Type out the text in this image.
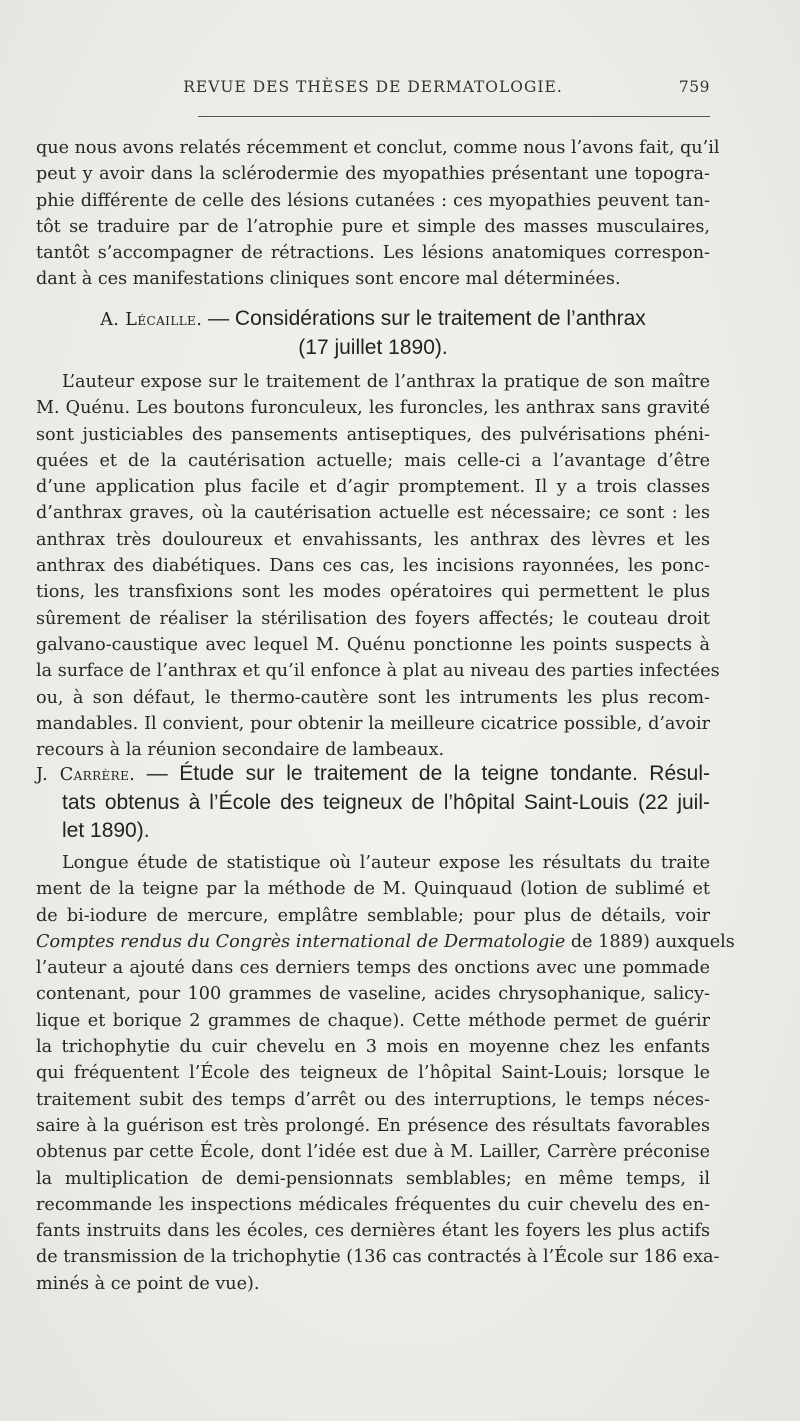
REVUE DES THÈSES DE DERMATOLOGIE.	759
que nous avons relatés récemment et conclut, comme nous l’avons fait, qu’il
peut y avoir dans la sclérodermie des myopathies présentant une topogra-
phie différente de celle des lésions cutanées : ces myopathies peuvent tan-
tôt se traduire par de l’atrophie pure et simple des masses musculaires,
tantôt s’accompagner de rétractions. Les lésions anatomiques correspon-
dant à ces manifestations cliniques sont encore mal déterminées.
A. Lécaille. — Considérations sur le traitement de l’anthrax
(17 juillet 1890).
L’auteur expose sur le traitement de l’anthrax la pratique de son maître
M. Quénu. Les boutons furonculeux, les furoncles, les anthrax sans gravité
sont justiciables des pansements antiseptiques, des pulvérisations phéni-
quées et de la cautérisation actuelle; mais celle-ci a l’avantage d’être
d’une application plus facile et d’agir promptement. Il y a trois classes
d’anthrax graves, où la cautérisation actuelle est nécessaire; ce sont : les
anthrax très douloureux et envahissants, les anthrax des lèvres et les
anthrax des diabétiques. Dans ces cas, les incisions rayonnées, les ponc-
tions, les transfixions sont les modes opératoires qui permettent le plus
sûrement de réaliser la stérilisation des foyers affectés; le couteau droit
galvano-caustique avec lequel M. Quénu ponctionne les points suspects à
la surface de l’anthrax et qu’il enfonce à plat au niveau des parties infectées
ou, à son défaut, le thermo-cautère sont les intruments les plus recom-
mandables. Il convient, pour obtenir la meilleure cicatrice possible, d’avoir
recours à la réunion secondaire de lambeaux.
J. Carrère. — Étude sur le traitement de la teigne tondante. Résul-
tats obtenus à l’École des teigneux de l’hôpital Saint-Louis (22 juil-
let 1890).
Longue étude de statistique où l’auteur expose les résultats du traite
ment de la teigne par la méthode de M. Quinquaud (lotion de sublimé et
de bi-iodure de mercure, emplâtre semblable; pour plus de détails, voir
Comptes rendus du Congrès international de Dermatologie de 1889) auxquels
l’auteur a ajouté dans ces derniers temps des onctions avec une pommade
contenant, pour 100 grammes de vaseline, acides chrysophanique, salicy-
lique et borique 2 grammes de chaque). Cette méthode permet de guérir
la trichophytie du cuir chevelu en 3 mois en moyenne chez les enfants
qui fréquentent l’École des teigneux de l’hôpital Saint-Louis; lorsque le
traitement subit des temps d’arrêt ou des interruptions, le temps néces-
saire à la guérison est très prolongé. En présence des résultats favorables
obtenus par cette École, dont l’idée est due à M. Lailler, Carrère préconise
la multiplication de demi-pensionnats semblables; en même temps, il
recommande les inspections médicales fréquentes du cuir chevelu des en-
fants instruits dans les écoles, ces dernières étant les foyers les plus actifs
de transmission de la trichophytie (136 cas contractés à l’École sur 186 exa-
minés à ce point de vue).
